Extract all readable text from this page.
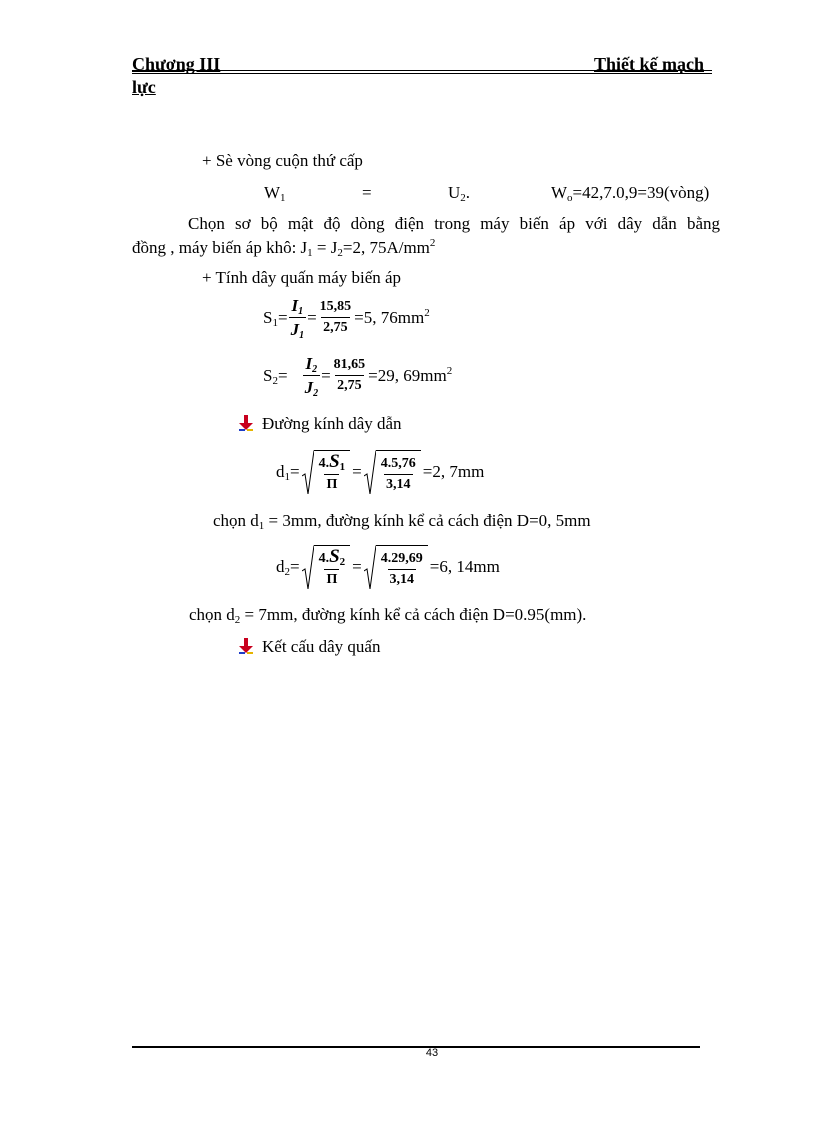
Chương III	Thiết kế mạch
lực
+ Sè vòng cuộn thứ cấp
$W_1$	=	$U_2$.	$W_o=42,7.0,9=39(vòng)$
Chọn sơ bộ mật độ dòng điện trong máy biến áp với dây dẫn bằng
đồng , máy biến áp khô: $J_1 = J_2=2$, $75A/mm^2$
+ Tính dây quấn máy biến áp
$S_1= \frac{I_1}{J_1} = \frac{15,85}{2,75} =5$, $76mm^2$
$S_2= \frac{I_2}{J_2} = \frac{81,65}{2,75} =29$, $69mm^2$
Đường kính dây dẫn
$d_1= \frac{4.S_1}{\Pi} = \frac{4.5,76}{3,14} =2$, 7mm
chọn $d_1 = 3mm$, đường kính kể cả cách điện D=0, 5mm
$d_2= \frac{4.S_2}{\Pi} = \frac{4.29,69}{3,14} =6$, 14mm
chọn $d_2 = 7mm$, đường kính kể cả cách điện D=0.95(mm).
Kết cấu dây quấn
43
